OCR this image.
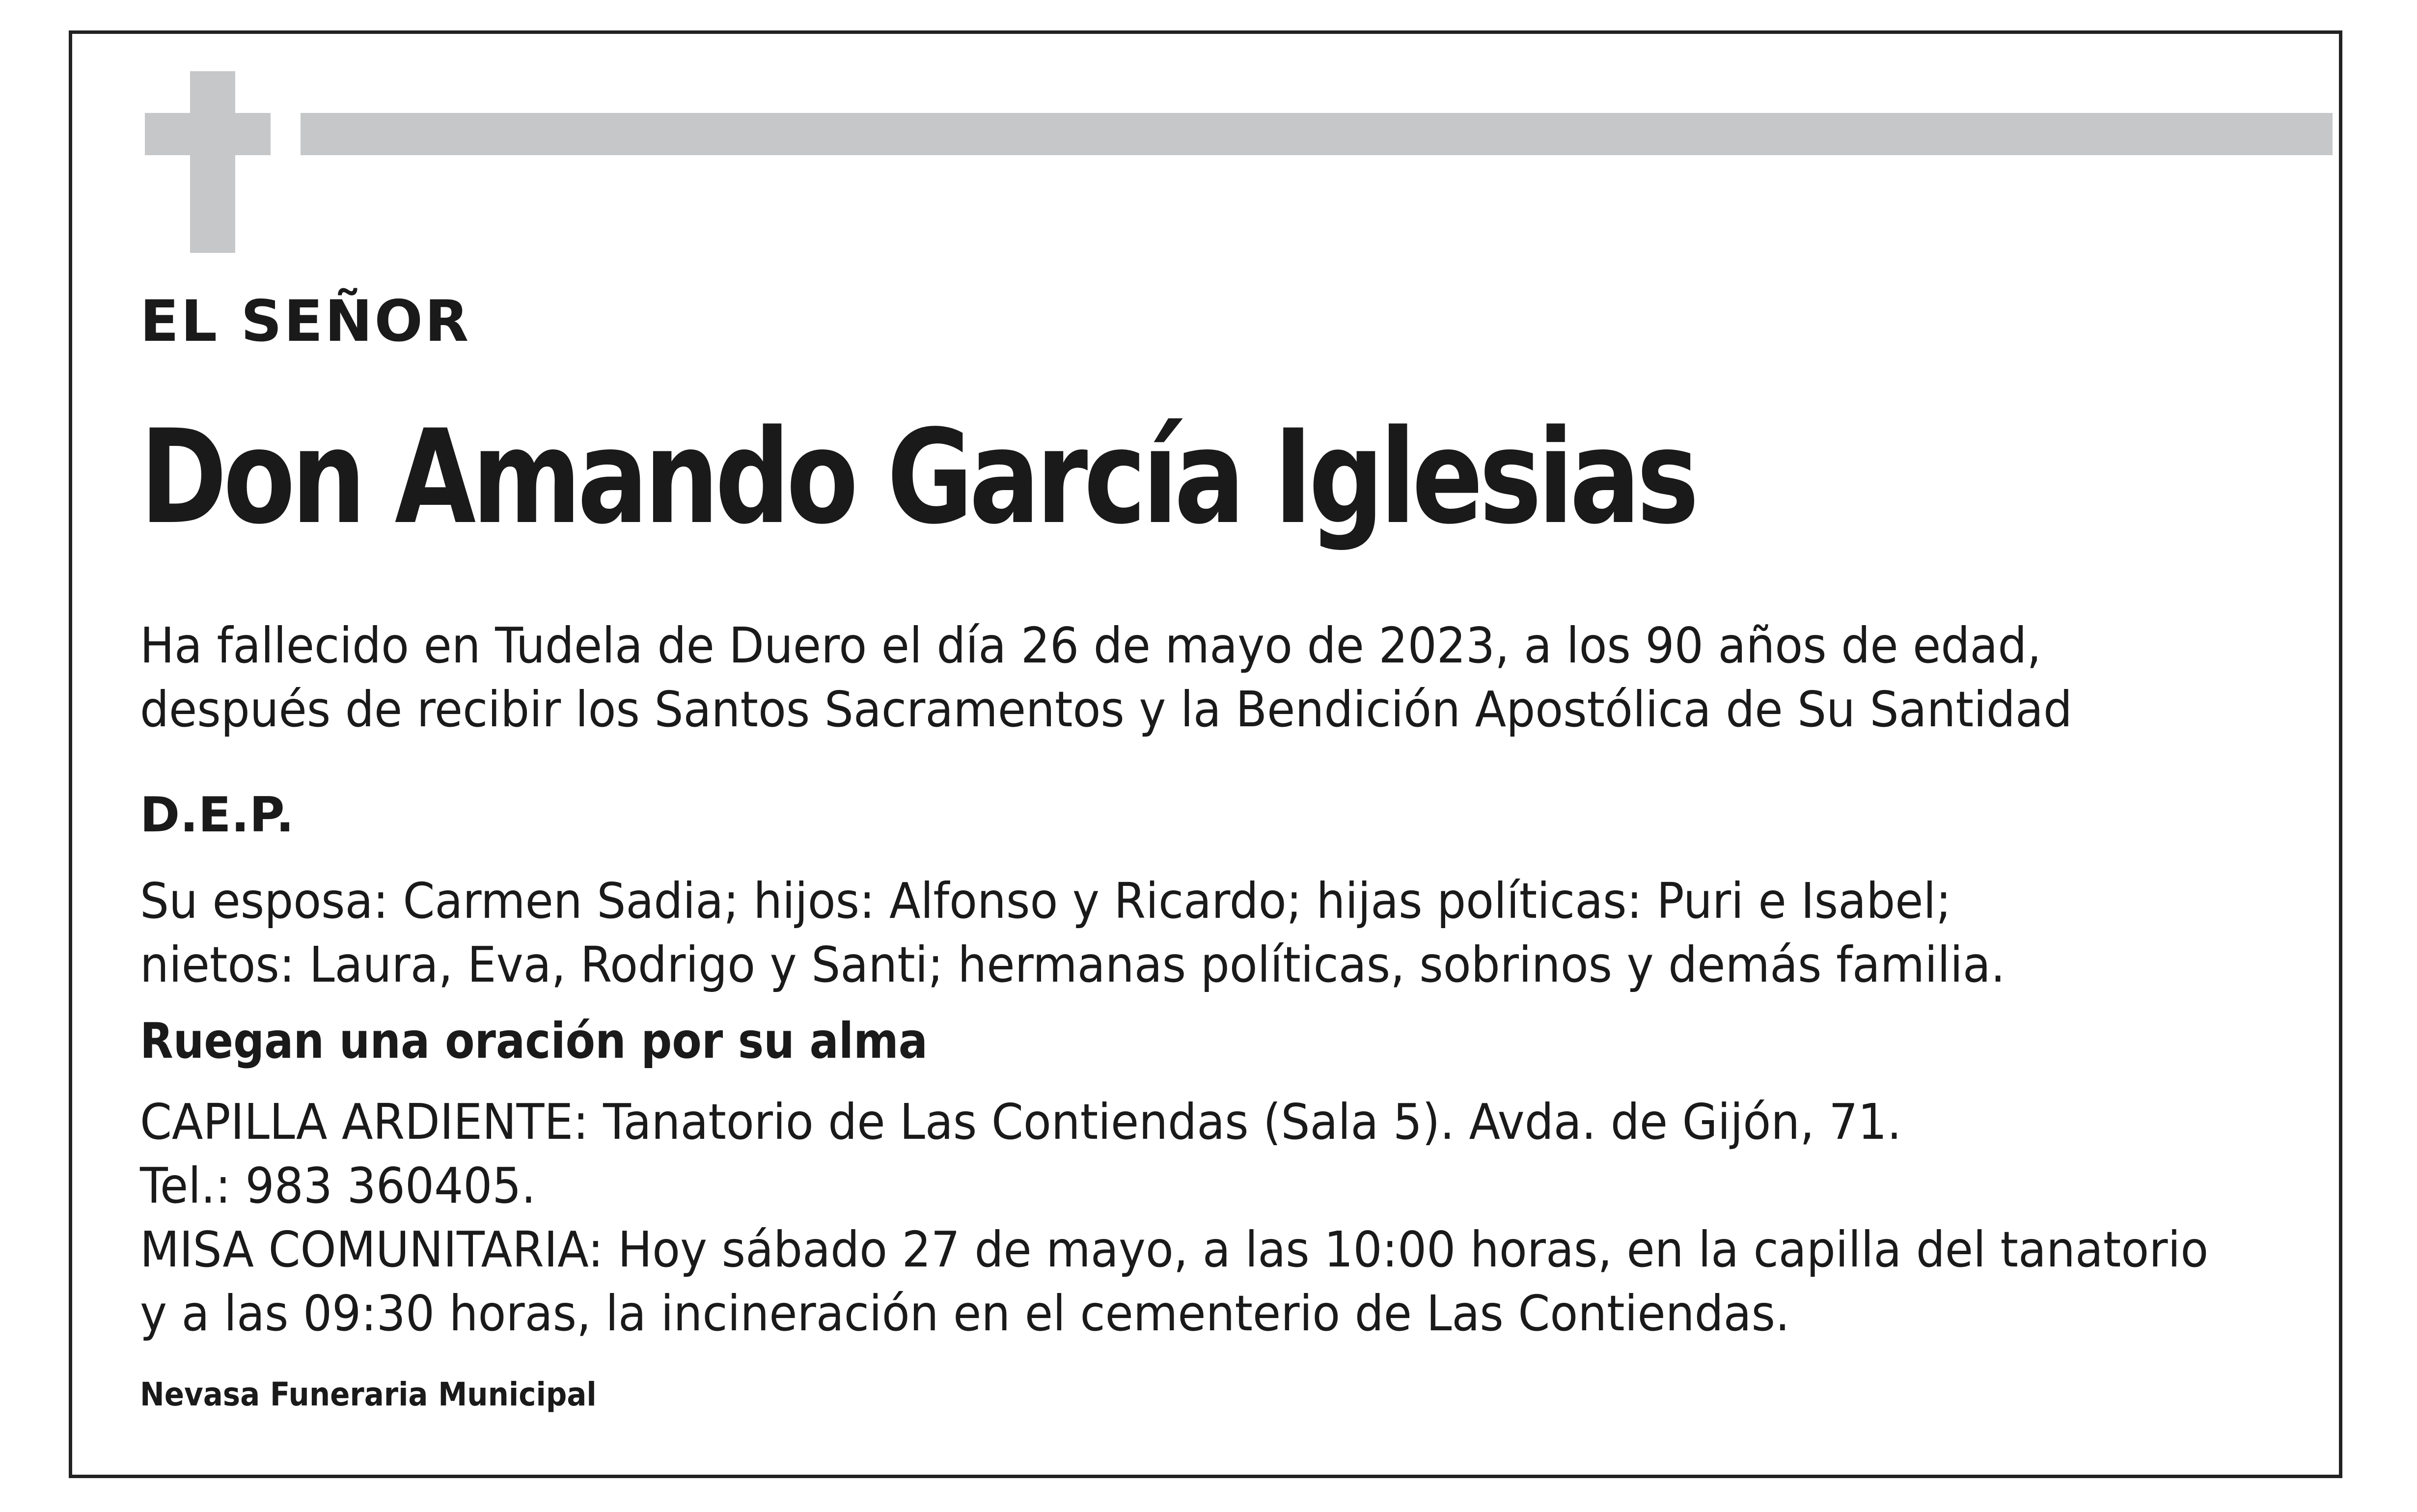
EL SEÑOR
Don Amando García Iglesias
Ha fallecido en Tudela de Duero el día 26 de mayo de 2023, a los 90 años de edad,
después de recibir los Santos Sacramentos y la Bendición Apostólica de Su Santidad
D.E.P.
Su esposa: Carmen Sadia; hijos: Alfonso y Ricardo; hijas políticas: Puri e Isabel;
nietos: Laura, Eva, Rodrigo y Santi; hermanas políticas, sobrinos y demás familia.
Ruegan una oración por su alma
CAPILLA ARDIENTE: Tanatorio de Las Contiendas (Sala 5). Avda. de Gijón, 71.
Tel.: 983 360405.
MISA COMUNITARIA: Hoy sábado 27 de mayo, a las 10:00 horas, en la capilla del tanatorio
y a las 09:30 horas, la incineración en el cementerio de Las Contiendas.
Nevasa Funeraria Municipal
